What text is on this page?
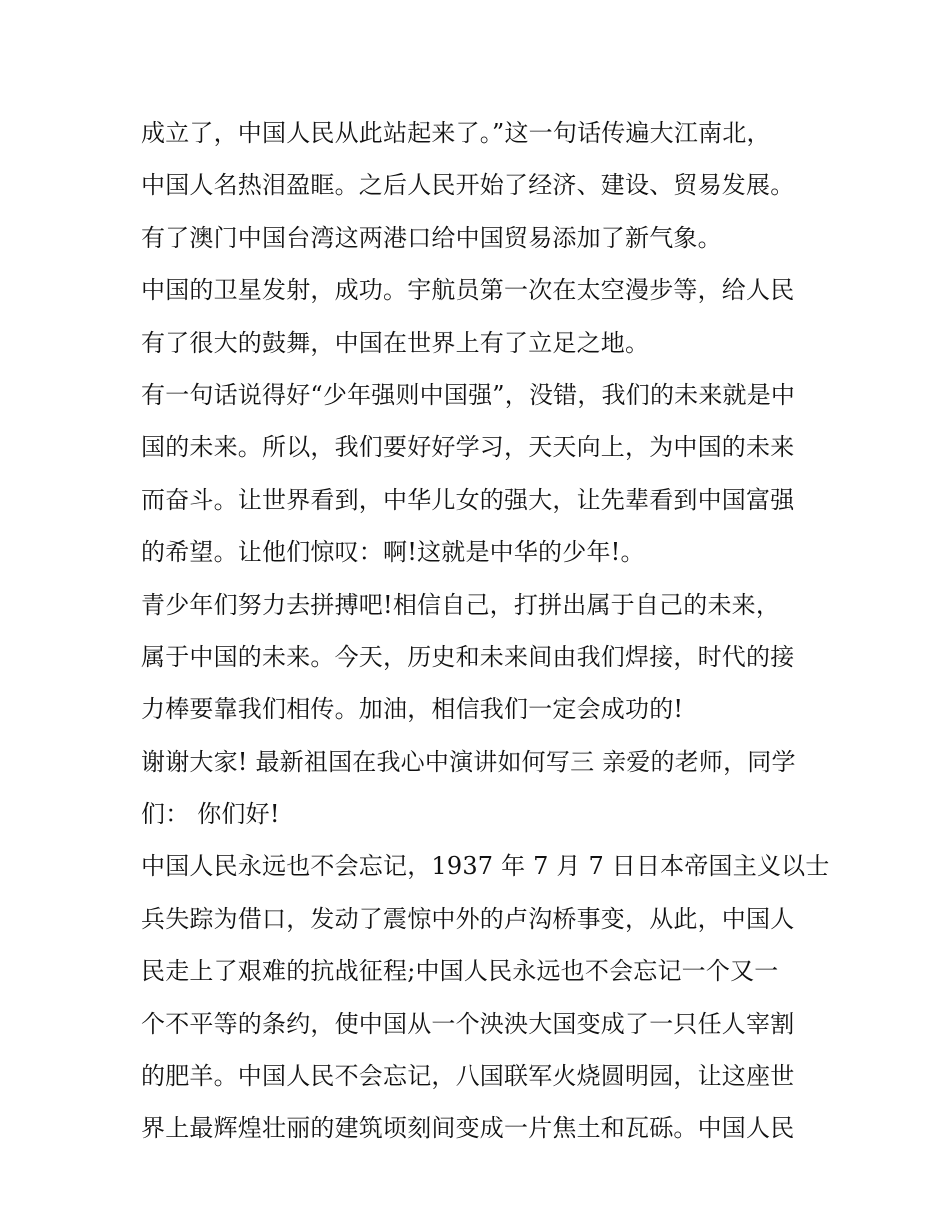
成立了，中国人民从此站起来了。”这一句话传遍大江南北，
中国人名热泪盈眶。之后人民开始了经济、建设、贸易发展。
有了澳门中国台湾这两港口给中国贸易添加了新气象。
中国的卫星发射，成功。宇航员第一次在太空漫步等，给人民
有了很大的鼓舞，中国在世界上有了立足之地。
有一句话说得好“少年强则中国强”，没错，我们的未来就是中
国的未来。所以，我们要好好学习，天天向上，为中国的未来
而奋斗。让世界看到，中华儿女的强大，让先辈看到中国富强
的希望。让他们惊叹：啊!这就是中华的少年!。
青少年们努力去拼搏吧!相信自己，打拼出属于自己的未来，
属于中国的未来。今天，历史和未来间由我们焊接，时代的接
力棒要靠我们相传。加油，相信我们一定会成功的!
谢谢大家! 最新祖国在我心中演讲如何写三 亲爱的老师，同学
们： 你们好!
中国人民永远也不会忘记，1937 年 7 月 7 日日本帝国主义以士
兵失踪为借口，发动了震惊中外的卢沟桥事变，从此，中国人
民走上了艰难的抗战征程;中国人民永远也不会忘记一个又一
个不平等的条约，使中国从一个泱泱大国变成了一只任人宰割
的肥羊。中国人民不会忘记，八国联军火烧圆明园，让这座世
界上最辉煌壮丽的建筑顷刻间变成一片焦土和瓦砾。中国人民
